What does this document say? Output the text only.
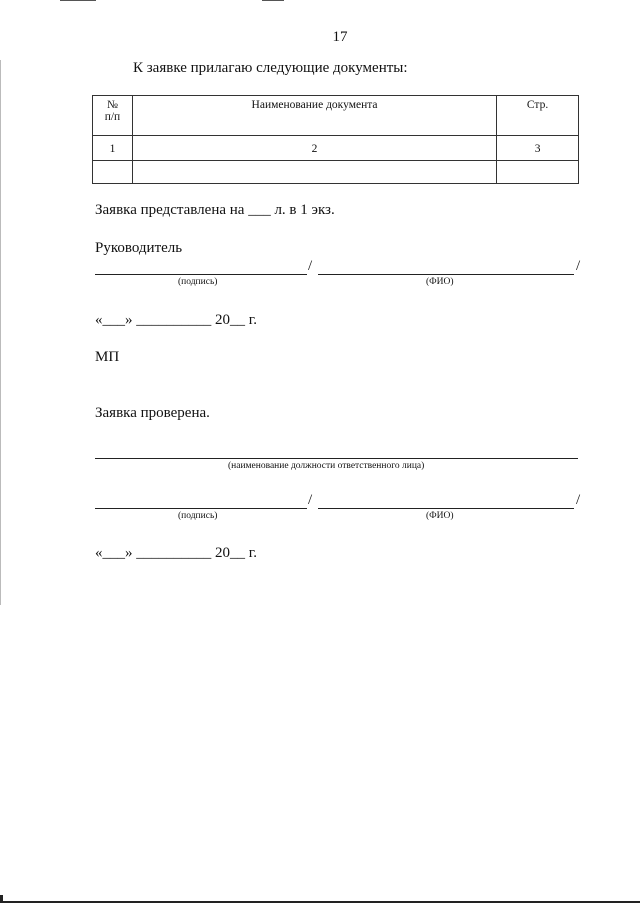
17
К заявке прилагаю следующие документы:
№
п/п	Наименование документа	Стр.
1	2	3

Заявка представлена на ___ л. в 1 экз.
Руководитель
/	/
(подпись)	(ФИО)
«___» __________ 20__ г.
МП
Заявка проверена.
(наименование должности ответственного лица)
/	/
(подпись)	(ФИО)
«___» __________ 20__ г.
